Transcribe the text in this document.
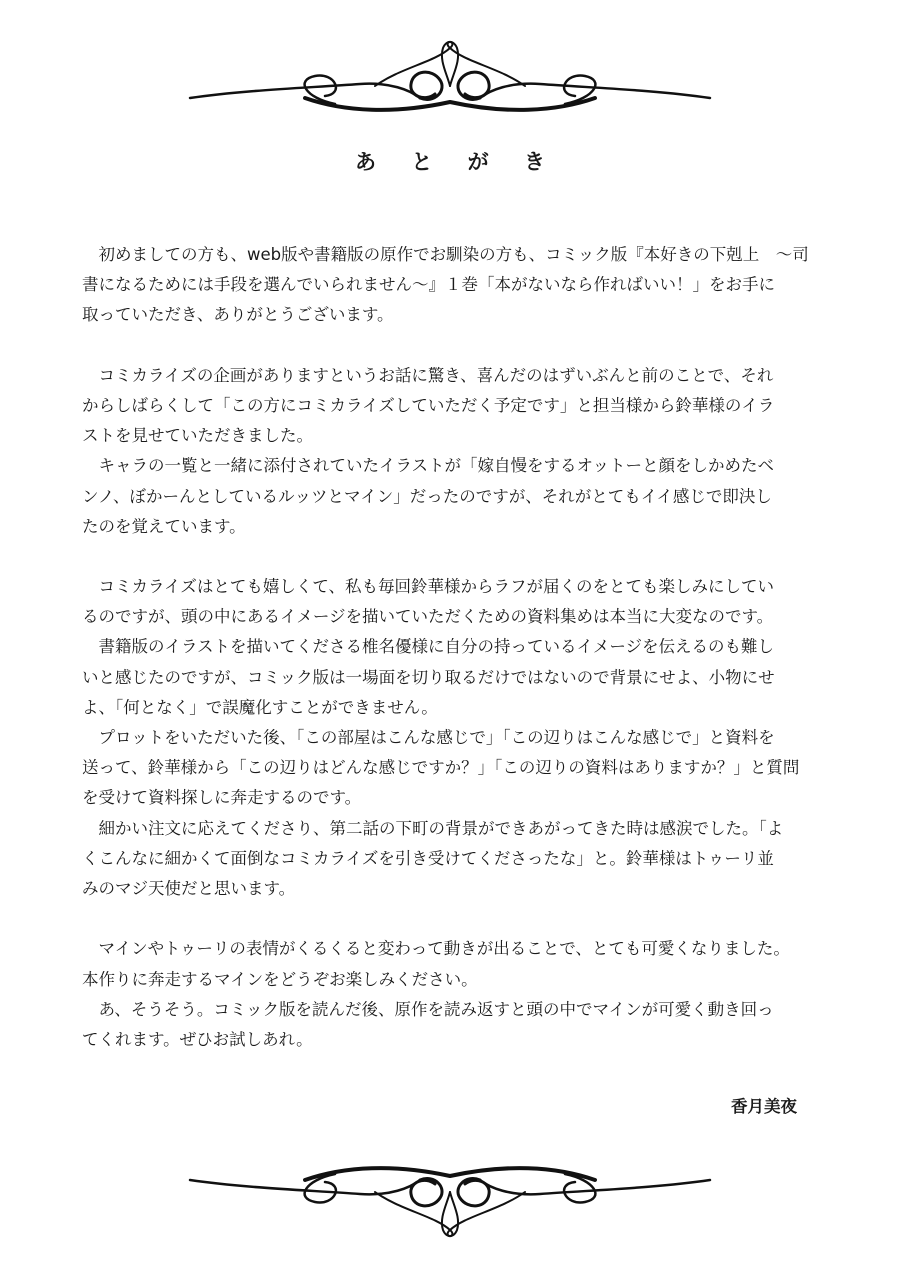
あ と が き
　初めましての方も、web版や書籍版の原作でお馴染の方も、コミック版『本好きの下剋上　～司
書になるためには手段を選んでいられません～』１巻「本がないなら作ればいい！」をお手に
取っていただき、ありがとうございます。
　コミカライズの企画がありますというお話に驚き、喜んだのはずいぶんと前のことで、それ
からしばらくして「この方にコミカライズしていただく予定です」と担当様から鈴華様のイラ
ストを見せていただきました。
　キャラの一覧と一緒に添付されていたイラストが「嫁自慢をするオットーと顔をしかめたベ
ンノ、ぼかーんとしているルッツとマイン」だったのですが、それがとてもイイ感じで即決し
たのを覚えています。
　コミカライズはとても嬉しくて、私も毎回鈴華様からラフが届くのをとても楽しみにしてい
るのですが、頭の中にあるイメージを描いていただくための資料集めは本当に大変なのです。
　書籍版のイラストを描いてくださる椎名優様に自分の持っているイメージを伝えるのも難し
いと感じたのですが、コミック版は一場面を切り取るだけではないので背景にせよ、小物にせ
よ、「何となく」で誤魔化すことができません。
　プロットをいただいた後、「この部屋はこんな感じで」「この辺りはこんな感じで」と資料を
送って、鈴華様から「この辺りはどんな感じですか？」「この辺りの資料はありますか？」と質問
を受けて資料探しに奔走するのです。
　細かい注文に応えてくださり、第二話の下町の背景ができあがってきた時は感涙でした。「よ
くこんなに細かくて面倒なコミカライズを引き受けてくださったな」と。鈴華様はトゥーリ並
みのマジ天使だと思います。
　マインやトゥーリの表情がくるくると変わって動きが出ることで、とても可愛くなりました。
本作りに奔走するマインをどうぞお楽しみください。
　あ、そうそう。コミック版を読んだ後、原作を読み返すと頭の中でマインが可愛く動き回っ
てくれます。ぜひお試しあれ。
香月美夜
